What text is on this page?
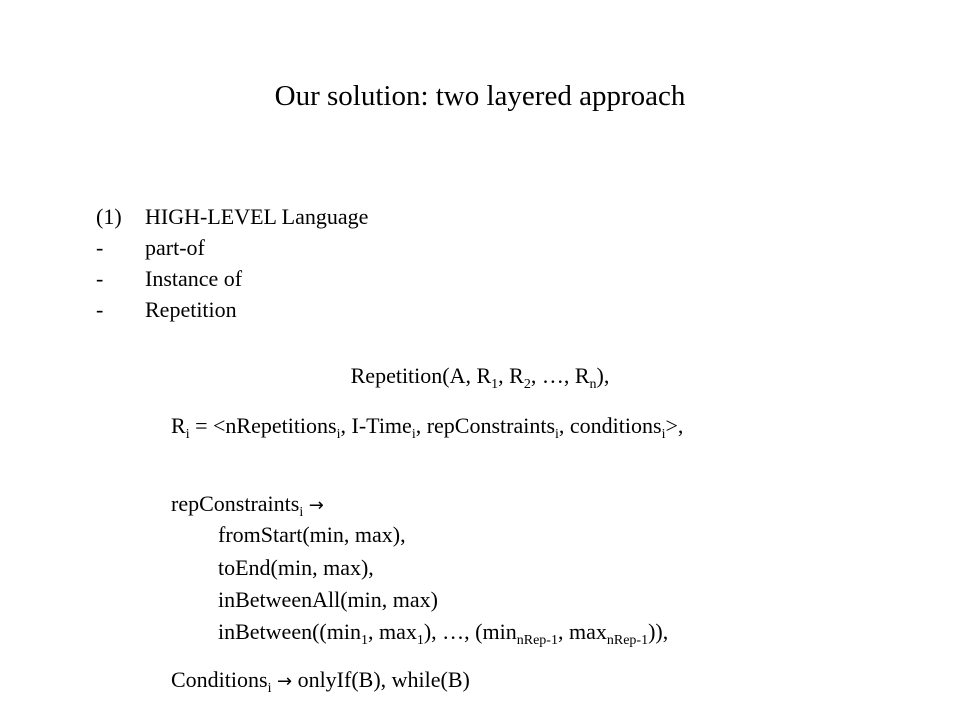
Our solution: two layered approach
(1) HIGH-LEVEL Language
- part-of
- Instance of
- Repetition
Repetition(A, $R_1$, $R_2$, …, $R_n$),
$R_i$ = <nRepetitions$_i$, I-Time$_i$, repConstraints$_i$, conditions$_i$>,
repConstraints$_i$ →
fromStart(min, max),
toEnd(min, max),
inBetweenAll(min, max)
$inBetween((\min_1$, $\max_1$), …, ($\min_{nRep-1}$, $\max_{nRep-1}$)),
Conditions$_i$ → onlyIf(B), while(B)
